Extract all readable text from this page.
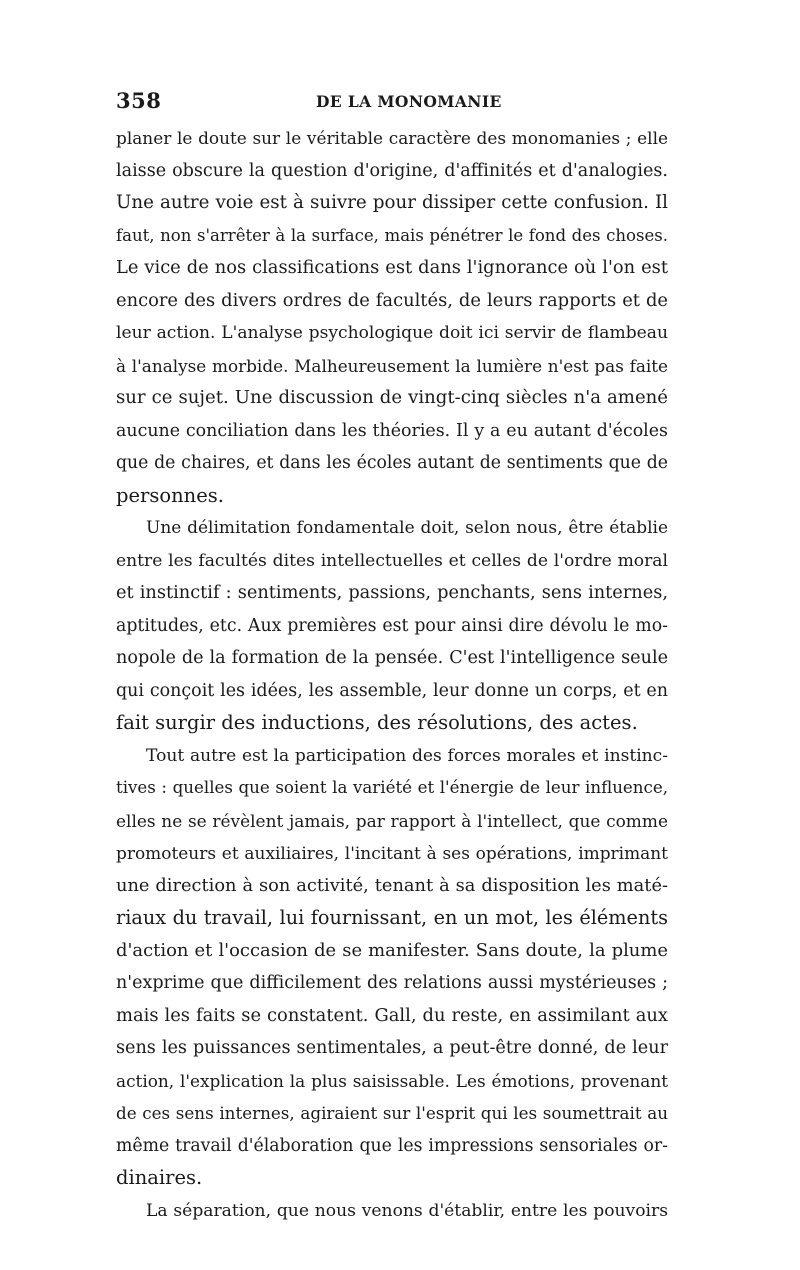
358	DE LA MONOMANIE
planer le doute sur le véritable caractère des monomanies ; elle
laisse obscure la question d'origine, d'affinités et d'analogies.
Une autre voie est à suivre pour dissiper cette confusion. Il
faut, non s'arrêter à la surface, mais pénétrer le fond des choses.
Le vice de nos classifications est dans l'ignorance où l'on est
encore des divers ordres de facultés, de leurs rapports et de
leur action. L'analyse psychologique doit ici servir de flambeau
à l'analyse morbide. Malheureusement la lumière n'est pas faite
sur ce sujet. Une discussion de vingt-cinq siècles n'a amené
aucune conciliation dans les théories. Il y a eu autant d'écoles
que de chaires, et dans les écoles autant de sentiments que de
personnes.
Une délimitation fondamentale doit, selon nous, être établie
entre les facultés dites intellectuelles et celles de l'ordre moral
et instinctif : sentiments, passions, penchants, sens internes,
aptitudes, etc. Aux premières est pour ainsi dire dévolu le mo-
nopole de la formation de la pensée. C'est l'intelligence seule
qui conçoit les idées, les assemble, leur donne un corps, et en
fait surgir des inductions, des résolutions, des actes.
Tout autre est la participation des forces morales et instinc-
tives : quelles que soient la variété et l'énergie de leur influence,
elles ne se révèlent jamais, par rapport à l'intellect, que comme
promoteurs et auxiliaires, l'incitant à ses opérations, imprimant
une direction à son activité, tenant à sa disposition les maté-
riaux du travail, lui fournissant, en un mot, les éléments
d'action et l'occasion de se manifester. Sans doute, la plume
n'exprime que difficilement des relations aussi mystérieuses ;
mais les faits se constatent. Gall, du reste, en assimilant aux
sens les puissances sentimentales, a peut-être donné, de leur
action, l'explication la plus saisissable. Les émotions, provenant
de ces sens internes, agiraient sur l'esprit qui les soumettrait au
même travail d'élaboration que les impressions sensoriales or-
dinaires.
La séparation, que nous venons d'établir, entre les pouvoirs
